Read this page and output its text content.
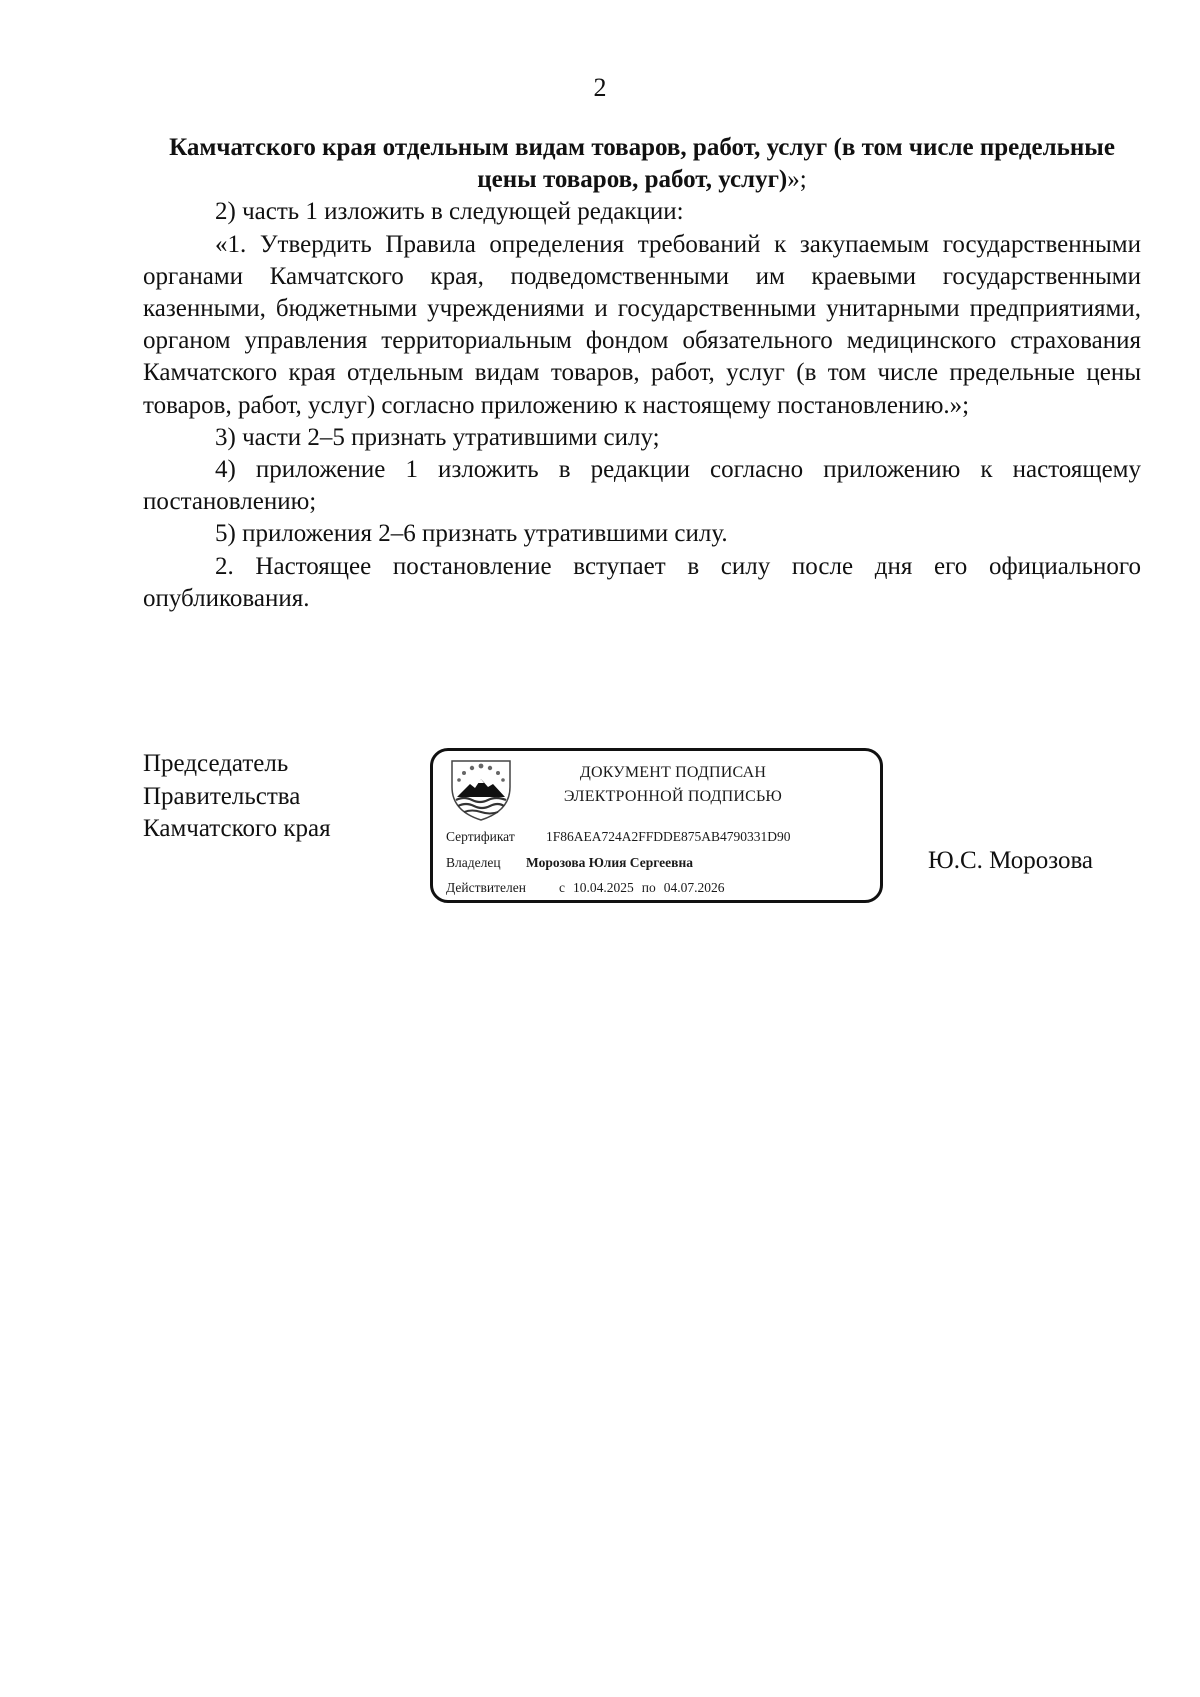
2

Камчатского края отдельным видам товаров, работ, услуг (в том числе предельные цены товаров, работ, услуг)»;

2) часть 1 изложить в следующей редакции:

«1. Утвердить Правила определения требований к закупаемым государственными органами Камчатского края, подведомственными им краевыми государственными казенными, бюджетными учреждениями и государственными унитарными предприятиями, органом управления территориальным фондом обязательного медицинского страхования Камчатского края отдельным видам товаров, работ, услуг (в том числе предельные цены товаров, работ, услуг) согласно приложению к настоящему постановлению.»;

3) части 2–5 признать утратившими силу;

4) приложение 1 изложить в редакции согласно приложению к настоящему постановлению;

5) приложения 2–6 признать утратившими силу.

2. Настоящее постановление вступает в силу после дня его официального опубликования.

Председатель
Правительства
Камчатского края
Ю.С. Морозова
ДОКУМЕНТ ПОДПИСАН
ЭЛЕКТРОННОЙ ПОДПИСЬЮ
Сертификат 1F86AEA724A2FFDDE875AB4790331D90
Владелец Морозова Юлия Сергеевна
Действителен с 10.04.2025 по 04.07.2026
